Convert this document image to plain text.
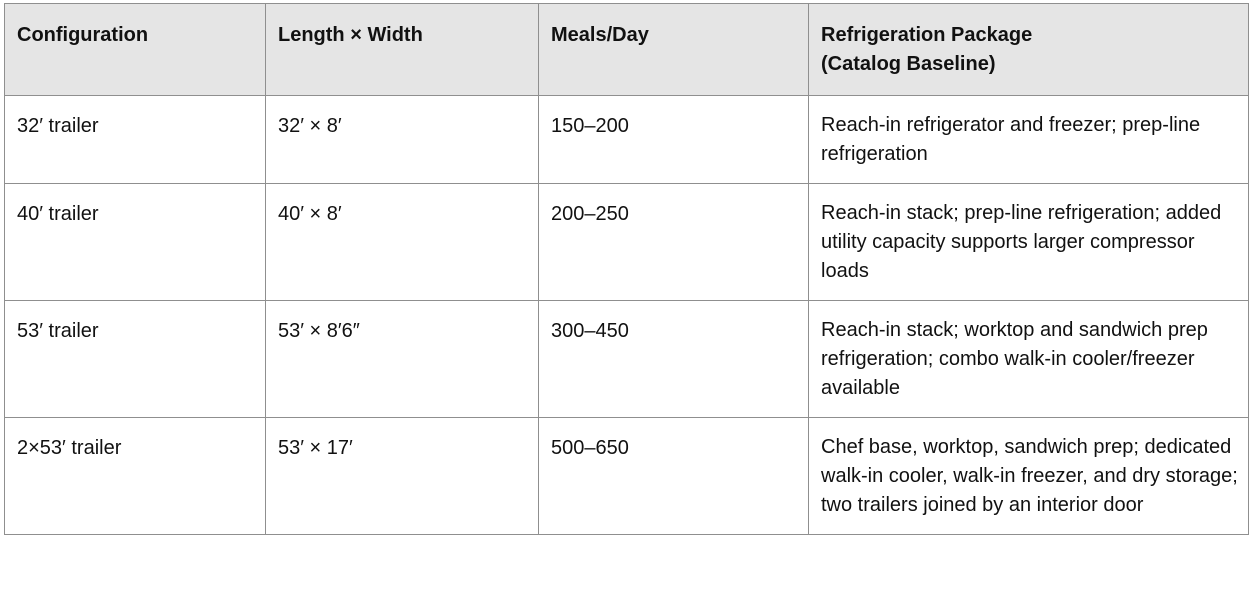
Configuration	Length × Width	Meals/Day	Refrigeration Package
(Catalog Baseline)

32′ trailer	32′ × 8′	150–200	Reach-in refrigerator and freezer; prep-line refrigeration
40′ trailer	40′ × 8′	200–250	Reach-in stack; prep-line refrigeration; added utility capacity supports larger compressor loads
53′ trailer	53′ × 8′6″	300–450	Reach-in stack; worktop and sandwich prep refrigeration; combo walk-in cooler/freezer available
2×53′ trailer	53′ × 17′	500–650	Chef base, worktop, sandwich prep; dedicated walk-in cooler, walk-in freezer, and dry storage; two trailers joined by an interior door
